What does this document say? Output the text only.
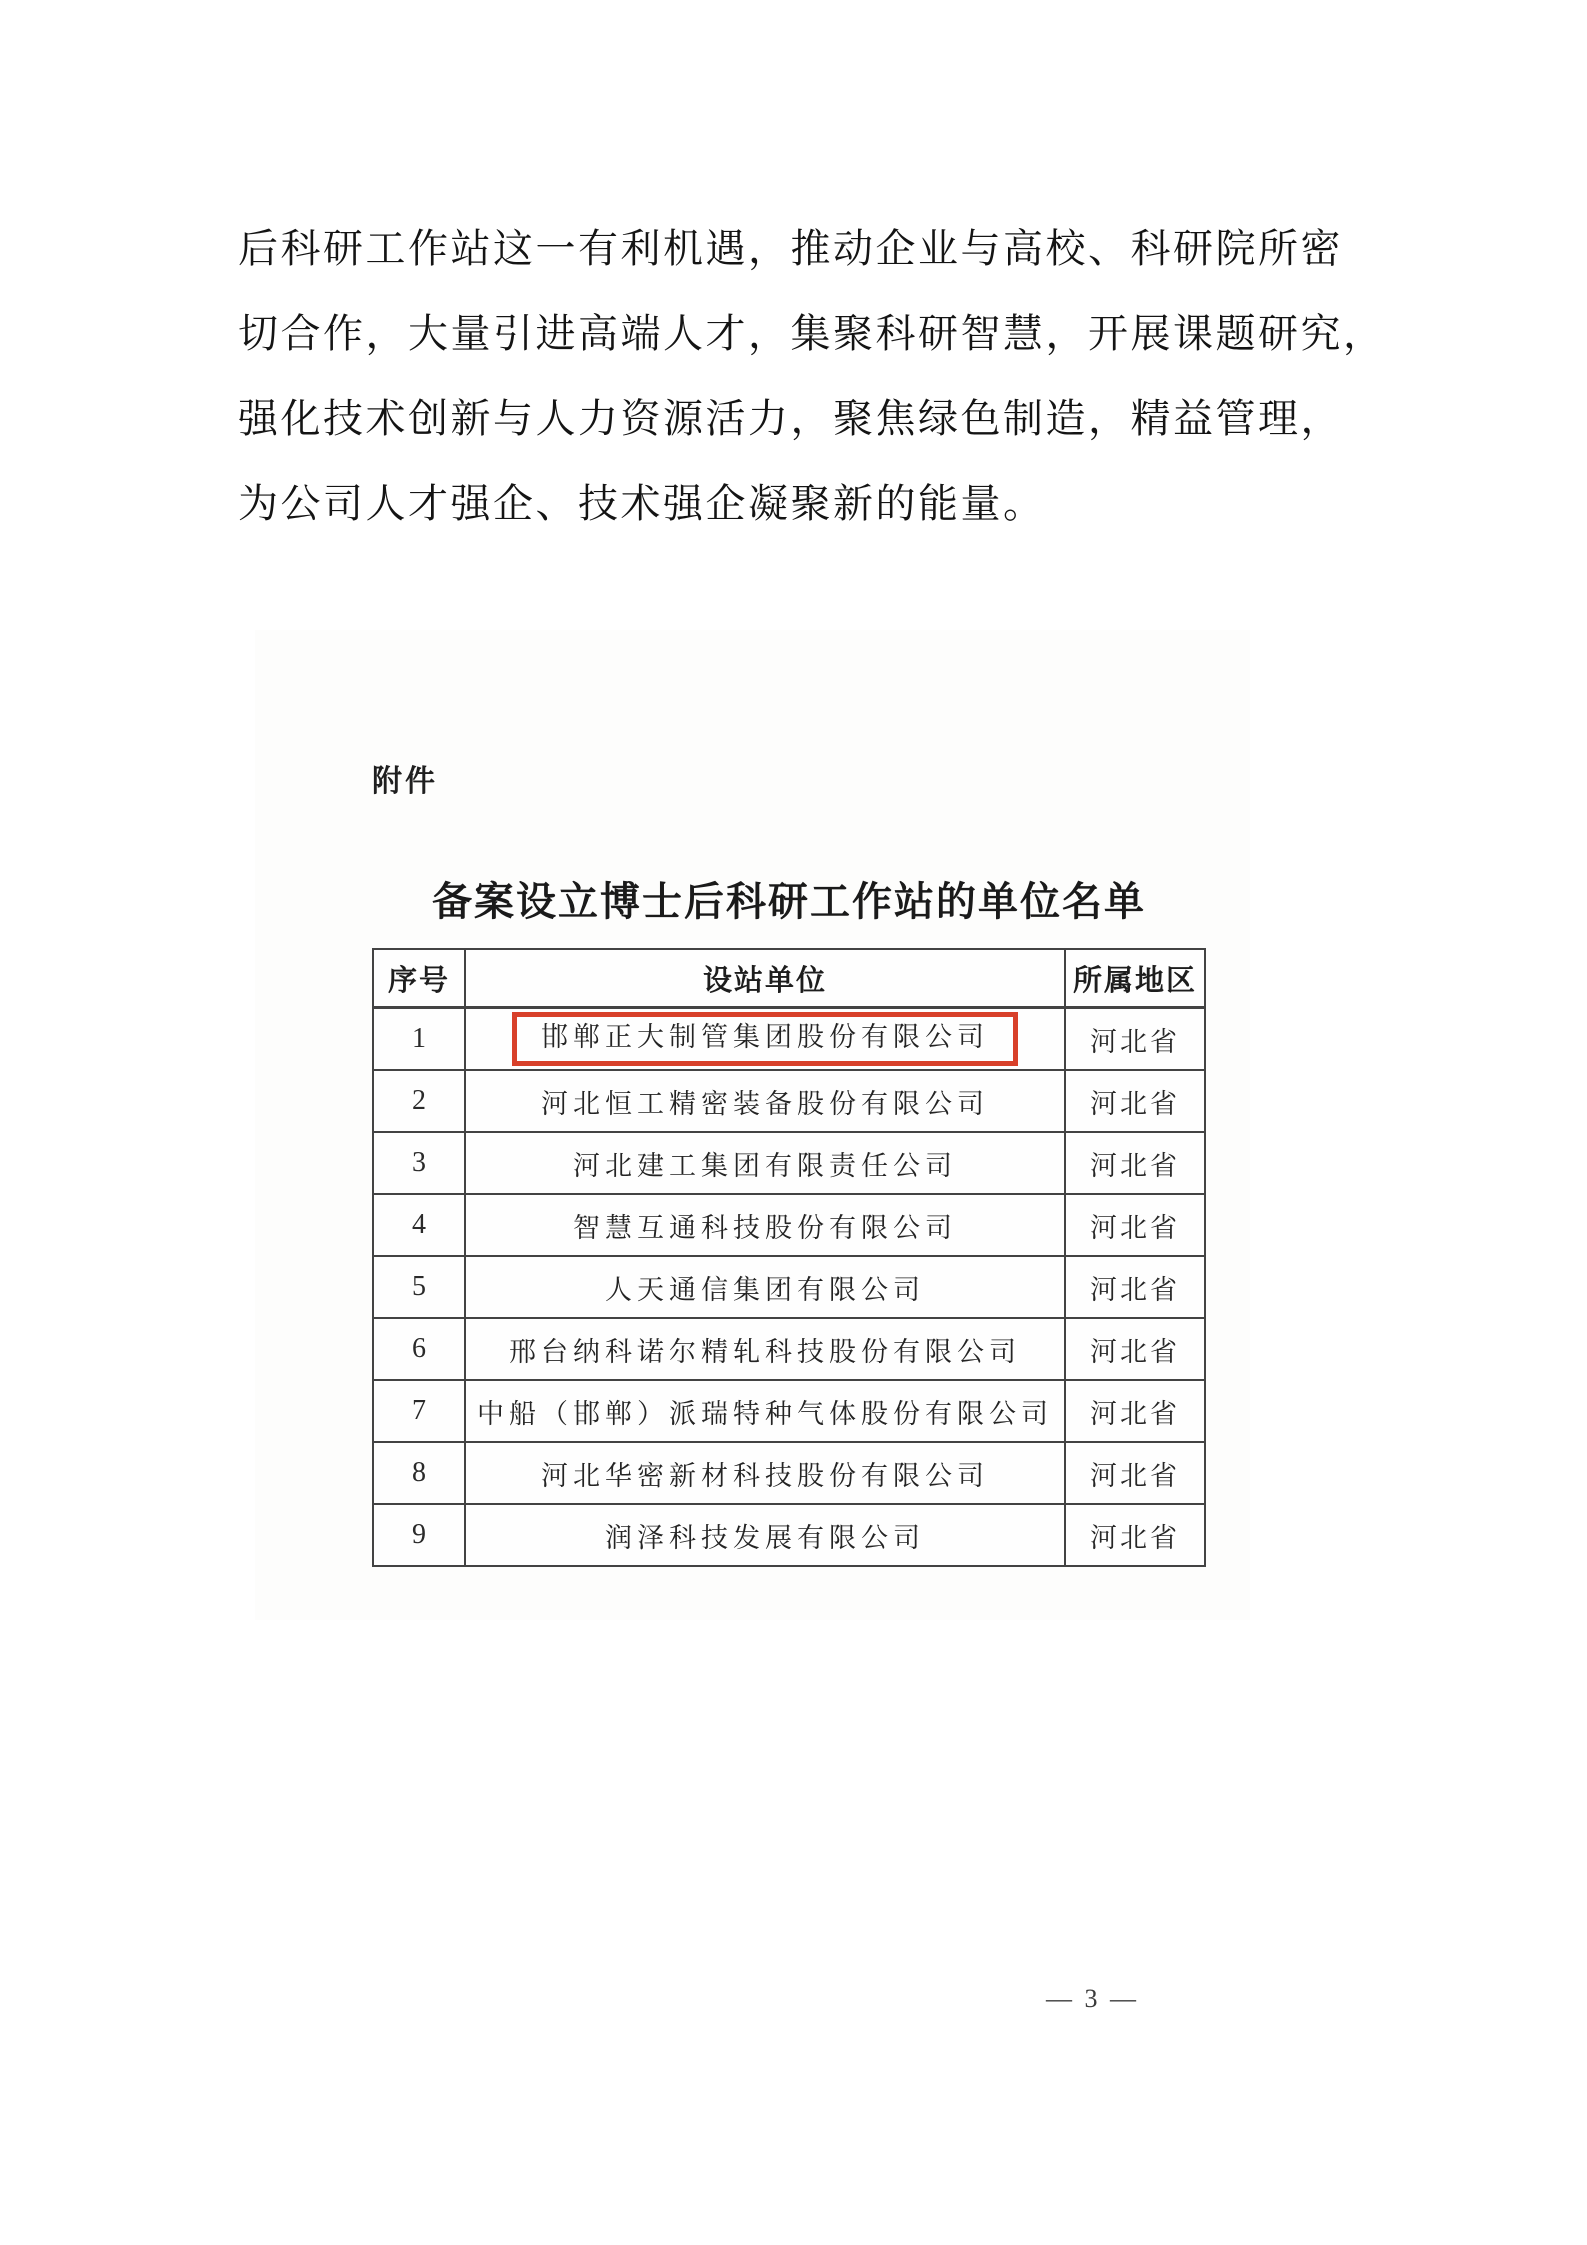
后科研工作站这一有利机遇，推动企业与高校、科研院所密
切合作，大量引进高端人才，集聚科研智慧，开展课题研究，
强化技术创新与人力资源活力，聚焦绿色制造，精益管理，
为公司人才强企、技术强企凝聚新的能量。
附件
备案设立博士后科研工作站的单位名单
序号	设站单位	所属地区
1	邯郸正大制管集团股份有限公司	河北省
2	河北恒工精密装备股份有限公司	河北省
3	河北建工集团有限责任公司	河北省
4	智慧互通科技股份有限公司	河北省
5	人天通信集团有限公司	河北省
6	邢台纳科诺尔精轧科技股份有限公司	河北省
7	中船（邯郸）派瑞特种气体股份有限公司	河北省
8	河北华密新材科技股份有限公司	河北省
9	润泽科技发展有限公司	河北省
— 3 —
